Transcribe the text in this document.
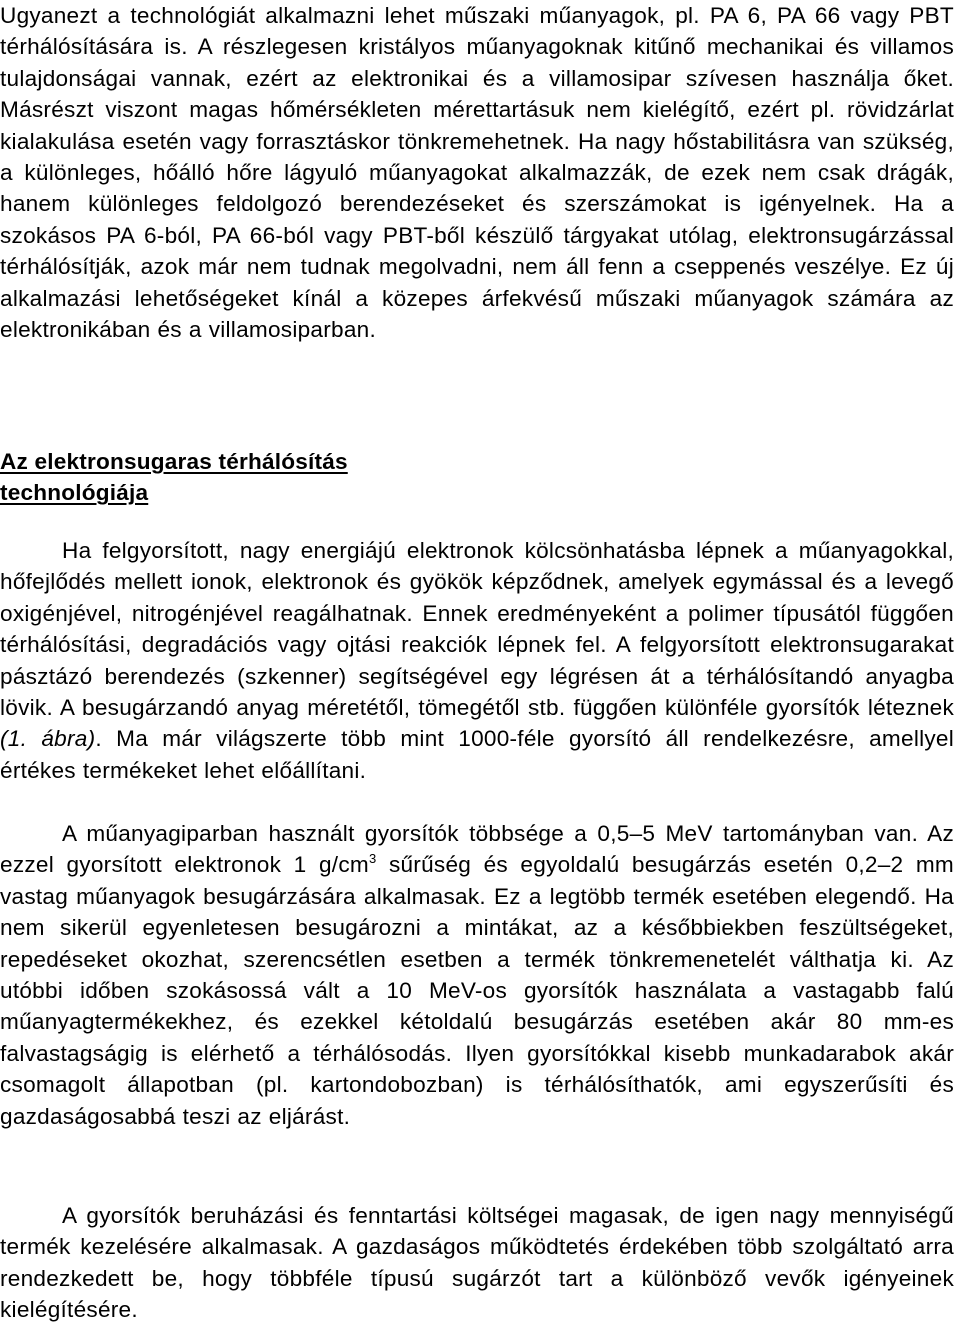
Ugyanezt a technológiát alkalmazni lehet műszaki műanyagok, pl. PA 6, PA 66 vagy PBT térhálósítására is. A részlegesen kristályos műanyagoknak kitűnő mechanikai és villamos tulajdonságai vannak, ezért az elektronikai és a villamosipar szívesen használja őket. Másrészt viszont magas hőmérsékleten mérettartásuk nem kielégítő, ezért pl. rövidzárlat kialakulása esetén vagy forrasztáskor tönkremehetnek. Ha nagy hőstabilitásra van szükség, a különleges, hőálló hőre lágyuló műanyagokat alkalmazzák, de ezek nem csak drágák, hanem különleges feldolgozó berendezéseket és szerszámokat is igényelnek. Ha a szokásos PA 6-ból, PA 66-ból vagy PBT-ből készülő tárgyakat utólag, elektronsugárzással térhálósítják, azok már nem tudnak megolvadni, nem áll fenn a cseppenés veszélye. Ez új alkalmazási lehetőségeket kínál a közepes árfekvésű műszaki műanyagok számára az elektronikában és a villamosiparban.

Az elektronsugaras térhálósítás
technológiája

Ha felgyorsított, nagy energiájú elektronok kölcsönhatásba lépnek a műanyagokkal, hőfejlődés mellett ionok, elektronok és gyökök képződnek, amelyek egymással és a levegő oxigénjével, nitrogénjével reagálhatnak. Ennek eredményeként a polimer típusától függően térhálósítási, degradációs vagy ojtási reakciók lépnek fel. A felgyorsított elektronsugarakat pásztázó berendezés (szkenner) segítségével egy légrésen át a térhálósítandó anyagba lövik. A besugárzandó anyag méretétől, tömegétől stb. függően különféle gyorsítók léteznek (1. ábra). Ma már világszerte több mint 1000-féle gyorsító áll rendelkezésre, amellyel értékes termékeket lehet előállítani.

A műanyagiparban használt gyorsítók többsége a 0,5–5 MeV tartományban van. Az ezzel gyorsított elektronok 1 $g/cm^3$ sűrűség és egyoldalú besugárzás esetén 0,2–2 mm vastag műanyagok besugárzására alkalmasak. Ez a legtöbb termék esetében elegendő. Ha nem sikerül egyenletesen besugározni a mintákat, az a későbbiekben feszültségeket, repedéseket okozhat, szerencsétlen esetben a termék tönkremenetelét válthatja ki. Az utóbbi időben szokásossá vált a 10 MeV-os gyorsítók használata a vastagabb falú műanyagtermékekhez, és ezekkel kétoldalú besugárzás esetében akár 80 mm-es falvastagságig is elérhető a térhálósodás. Ilyen gyorsítókkal kisebb munkadarabok akár csomagolt állapotban (pl. kartondobozban) is térhálósíthatók, ami egyszerűsíti és gazdaságosabbá teszi az eljárást.

A gyorsítók beruházási és fenntartási költségei magasak, de igen nagy mennyiségű termék kezelésére alkalmasak. A gazdaságos működtetés érdekében több szolgáltató arra rendezkedett be, hogy többféle típusú sugárzót tart a különböző vevők igényeinek kielégítésére.
